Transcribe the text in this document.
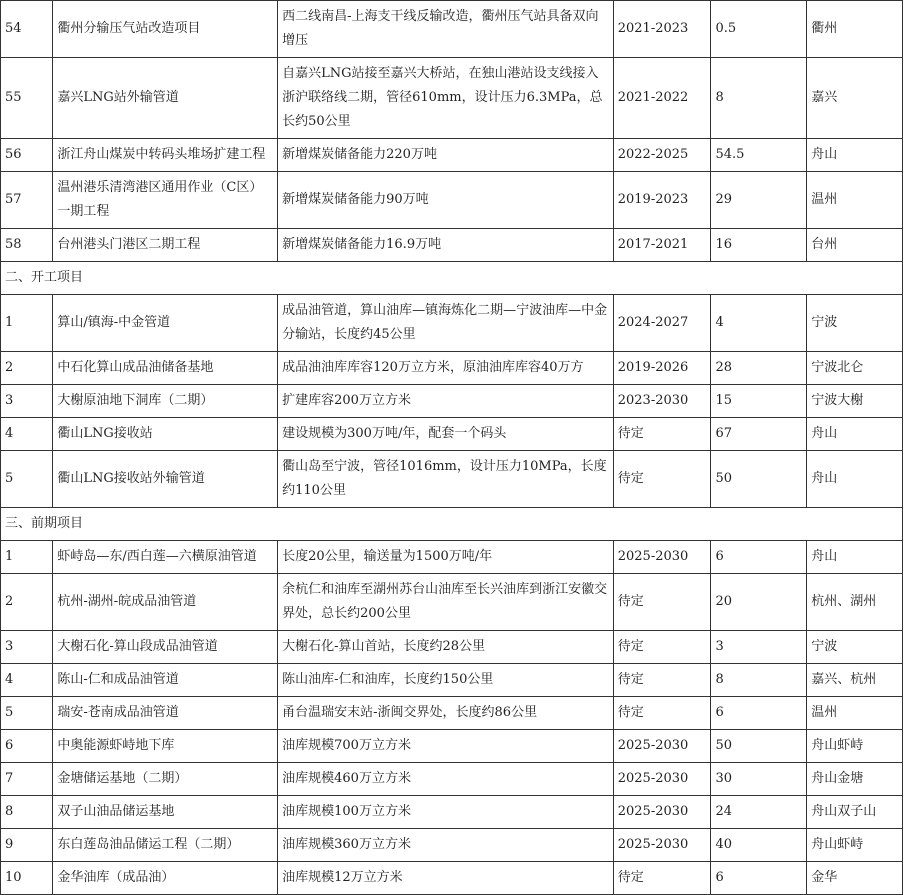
54	衢州分输压气站改造项目	西二线南昌-上海支干线反输改造，衢州压气站具备双向增压	2021-2023	0.5	衢州
55	嘉兴LNG站外输管道	自嘉兴LNG站接至嘉兴大桥站，在独山港站设支线接入浙沪联络线二期，管径610mm，设计压力6.3MPa，总长约50公里	2021-2022	8	嘉兴
56	浙江舟山煤炭中转码头堆场扩建工程	新增煤炭储备能力220万吨	2022-2025	54.5	舟山
57	温州港乐清湾港区通用作业（C区）一期工程	新增煤炭储备能力90万吨	2019-2023	29	温州
58	台州港头门港区二期工程	新增煤炭储备能力16.9万吨	2017-2021	16	台州
二、开工项目					
1	算山/镇海-中金管道	成品油管道，算山油库—镇海炼化二期—宁波油库—中金分输站，长度约45公里	2024-2027	4	宁波
2	中石化算山成品油储备基地	成品油油库库容120万立方米，原油油库库容40万方	2019-2026	28	宁波北仑
3	大榭原油地下洞库（二期）	扩建库容200万立方米	2023-2030	15	宁波大榭
4	衢山LNG接收站	建设规模为300万吨/年，配套一个码头	待定	67	舟山
5	衢山LNG接收站外输管道	衢山岛至宁波，管径1016mm，设计压力10MPa，长度约110公里	待定	50	舟山
三、前期项目					
1	虾峙岛—东/西白莲—六横原油管道	长度20公里，输送量为1500万吨/年	2025-2030	6	舟山
2	杭州-湖州-皖成品油管道	余杭仁和油库至湖州苏台山油库至长兴油库到浙江安徽交界处，总长约200公里	待定	20	杭州、湖州
3	大榭石化-算山段成品油管道	大榭石化-算山首站，长度约28公里	待定	3	宁波
4	陈山-仁和成品油管道	陈山油库-仁和油库，长度约150公里	待定	8	嘉兴、杭州
5	瑞安-苍南成品油管道	甬台温瑞安末站-浙闽交界处，长度约86公里	待定	6	温州
6	中奥能源虾峙地下库	油库规模700万立方米	2025-2030	50	舟山虾峙
7	金塘储运基地（二期）	油库规模460万立方米	2025-2030	30	舟山金塘
8	双子山油品储运基地	油库规模100万立方米	2025-2030	24	舟山双子山
9	东白莲岛油品储运工程（二期）	油库规模360万立方米	2025-2030	40	舟山虾峙
10	金华油库（成品油）	油库规模12万立方米	待定	6	金华
